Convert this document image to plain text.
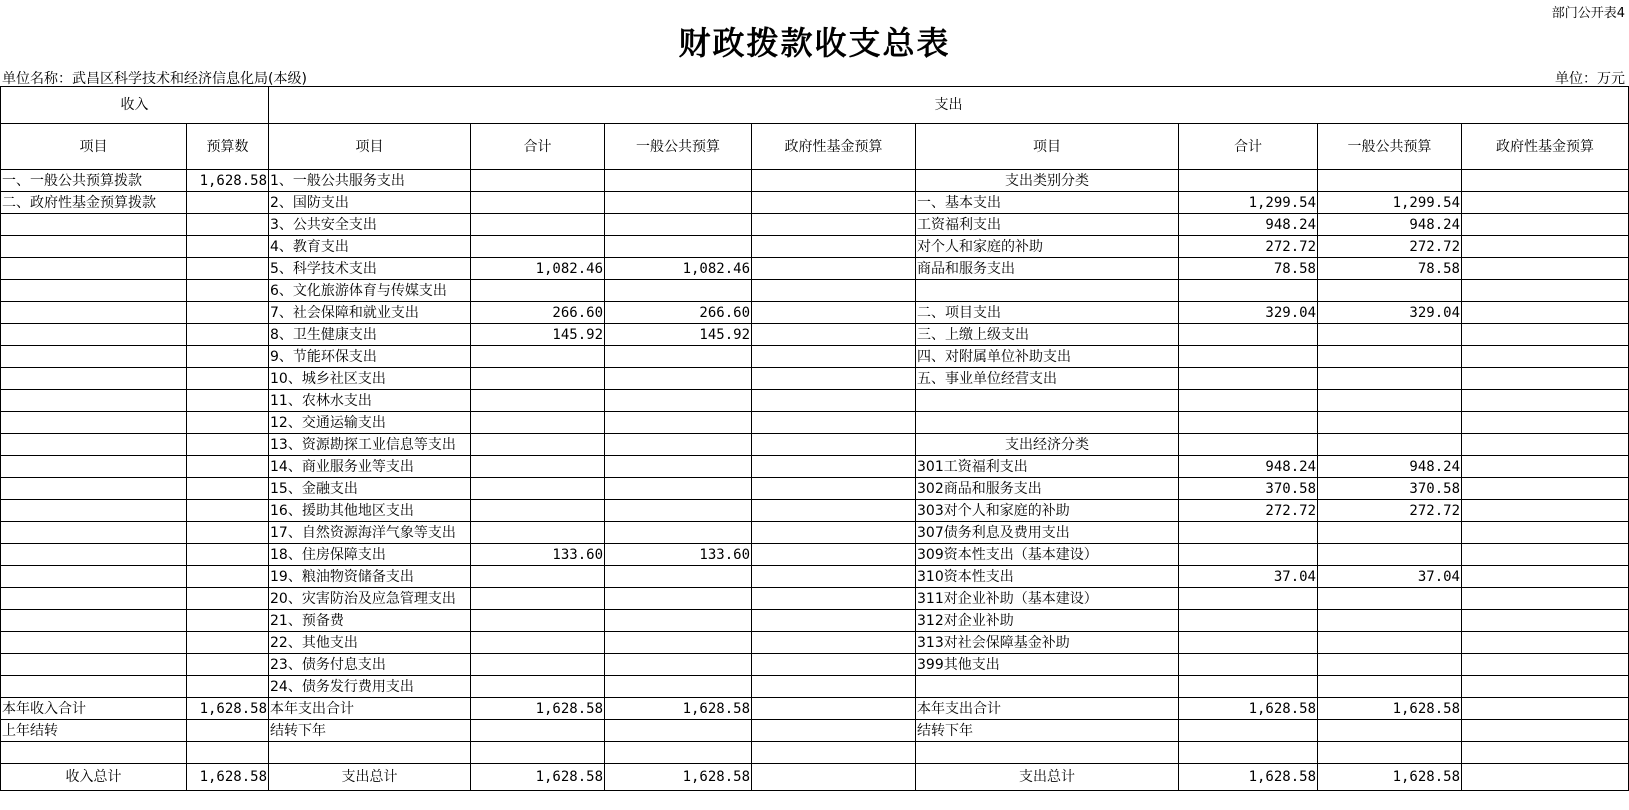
部门公开表4
财政拨款收支总表
单位名称：武昌区科学技术和经济信息化局(本级)	单位：万元
收入		支出							
项目	预算数	项目	合计	一般公共预算	政府性基金预算	项目	合计	一般公共预算	政府性基金预算
一、一般公共预算拨款	1,628.58	1、一般公共服务支出				支出类别分类			
二、政府性基金预算拨款		2、国防支出				一、基本支出	1,299.54	1,299.54	
		3、公共安全支出				工资福利支出	948.24	948.24	
		4、教育支出				对个人和家庭的补助	272.72	272.72	
		5、科学技术支出	1,082.46	1,082.46		商品和服务支出	78.58	78.58	
		6、文化旅游体育与传媒支出							
		7、社会保障和就业支出	266.60	266.60		二、项目支出	329.04	329.04	
		8、卫生健康支出	145.92	145.92		三、上缴上级支出			
		9、节能环保支出				四、对附属单位补助支出			
		10、城乡社区支出				五、事业单位经营支出			
		11、农林水支出							
		12、交通运输支出							
		13、资源勘探工业信息等支出				支出经济分类			
		14、商业服务业等支出				301工资福利支出	948.24	948.24	
		15、金融支出				302商品和服务支出	370.58	370.58	
		16、援助其他地区支出				303对个人和家庭的补助	272.72	272.72	
		17、自然资源海洋气象等支出				307债务利息及费用支出			
		18、住房保障支出	133.60	133.60		309资本性支出（基本建设）			
		19、粮油物资储备支出				310资本性支出	37.04	37.04	
		20、灾害防治及应急管理支出				311对企业补助（基本建设）			
		21、预备费				312对企业补助			
		22、其他支出				313对社会保障基金补助			
		23、债务付息支出				399其他支出			
		24、债务发行费用支出							
本年收入合计	1,628.58	本年支出合计	1,628.58	1,628.58		本年支出合计	1,628.58	1,628.58	
上年结转		结转下年				结转下年			

收入总计	1,628.58	支出总计	1,628.58	1,628.58		支出总计	1,628.58	1,628.58	
